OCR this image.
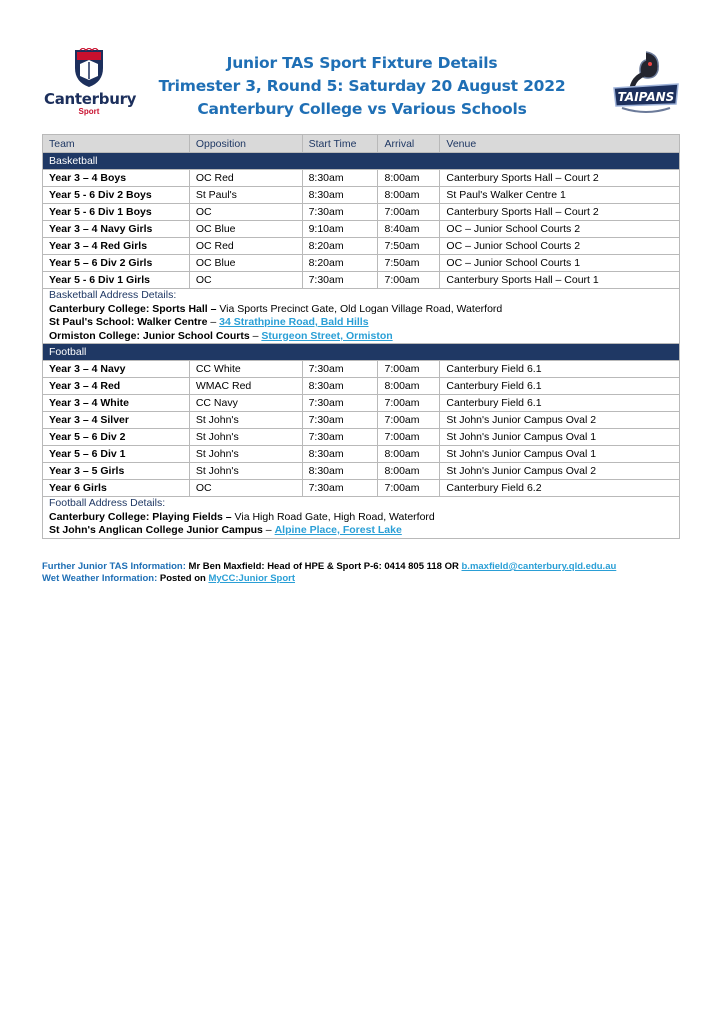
Canterbury
Sport
Junior TAS Sport Fixture Details
Trimester 3, Round 5: Saturday 20 August 2022
Canterbury College vs Various Schools
TAIPANS
Team	Opposition	Start Time	Arrival	Venue
Basketball				
Year 3 – 4 Boys	OC Red	8:30am	8:00am	Canterbury Sports Hall – Court 2
Year 5 - 6 Div 2 Boys	St Paul's	8:30am	8:00am	St Paul's Walker Centre 1
Year 5 - 6 Div 1 Boys	OC	7:30am	7:00am	Canterbury Sports Hall – Court 2
Year 3 – 4 Navy Girls	OC Blue	9:10am	8:40am	OC – Junior School Courts 2
Year 3 – 4 Red Girls	OC Red	8:20am	7:50am	OC – Junior School Courts 2
Year 5 – 6 Div 2 Girls	OC Blue	8:20am	7:50am	OC – Junior School Courts 1
Year 5 - 6 Div 1 Girls	OC	7:30am	7:00am	Canterbury Sports Hall – Court 1

Basketball Address Details:
Canterbury College: Sports Hall – Via Sports Precinct Gate, Old Logan Village Road, Waterford
St Paul's School: Walker Centre – 34 Strathpine Road, Bald Hills
Ormiston College: Junior School Courts – Sturgeon Street, Ormiston				

Football				
Year 3 – 4 Navy	CC White	7:30am	7:00am	Canterbury Field 6.1
Year 3 – 4 Red	WMAC Red	8:30am	8:00am	Canterbury Field 6.1
Year 3 – 4 White	CC Navy	7:30am	7:00am	Canterbury Field 6.1
Year 3 – 4 Silver	St John's	7:30am	7:00am	St John's Junior Campus Oval 2
Year 5 – 6 Div 2	St John's	7:30am	7:00am	St John's Junior Campus Oval 1
Year 5 – 6 Div 1	St John's	8:30am	8:00am	St John's Junior Campus Oval 1
Year 3 – 5 Girls	St John's	8:30am	8:00am	St John's Junior Campus Oval 2
Year 6 Girls	OC	7:30am	7:00am	Canterbury Field 6.2

Football Address Details:
Canterbury College: Playing Fields – Via High Road Gate, High Road, Waterford
St John's Anglican College Junior Campus – Alpine Place, Forest Lake				
Further Junior TAS Information: Mr Ben Maxfield: Head of HPE & Sport P-6: 0414 805 118 OR b.maxfield@canterbury.qld.edu.au
Wet Weather Information: Posted on MyCC:Junior Sport
